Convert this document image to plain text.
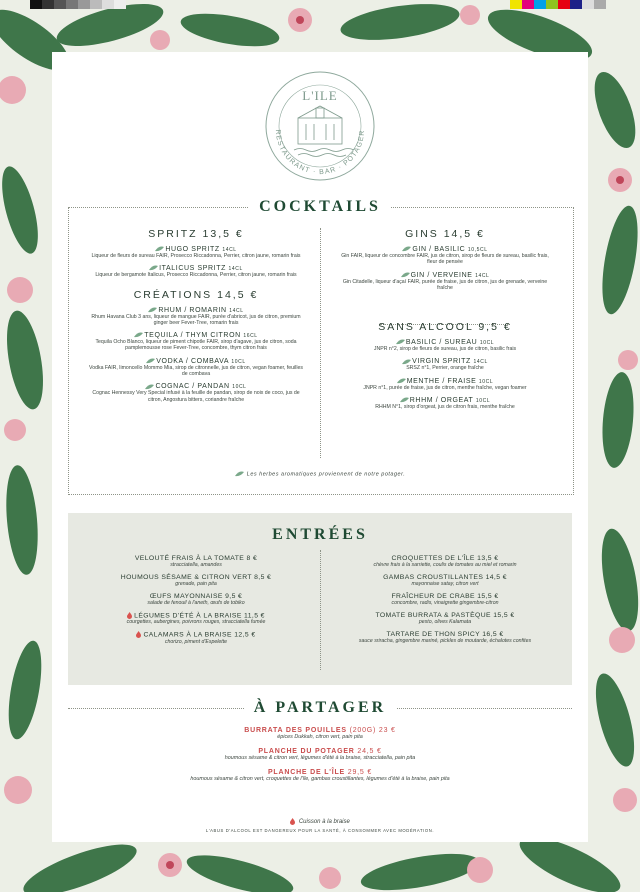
L'ILE
RESTAURANT · BAR · POTAGER
COCKTAILS
SPRITZ 13,5 €
HUGO SPRITZ 14CL
Liqueur de fleurs de sureau FAIR, Prosecco Riccadonna, Perrier, citron jaune, romarin frais
ITALICUS SPRITZ 14CL
Liqueur de bergamote Italicus, Prosecco Riccadonna, Perrier, citron jaune, romarin frais
CRÉATIONS 14,5 €
RHUM / ROMARIN 14CL
Rhum Havana Club 3 ans, liqueur de mangue FAIR, purée d'abricot, jus de citron, premium ginger beer Fever-Tree, romarin frais
TEQUILA / THYM CITRON 16CL
Tequila Ocho Blanco, liqueur de piment chipotle FAIR, sirop d'agave, jus de citron, soda pamplemousse rose Fever-Tree, concombre, thym citron frais
VODKA / COMBAVA 10CL
Vodka FAIR, limoncello Mommo Mia, sirop de citronnelle, jus de citron, vegan foamer, feuilles de combava
COGNAC / PANDAN 10CL
Cognac Hennessy Very Special infusé à la feuille de pandan, sirop de noix de coco, jus de citron, Angostura bitters, coriandre fraîche
GINS 14,5 €
GIN / BASILIC 10,5CL
Gin FAIR, liqueur de concombre FAIR, jus de citron, sirop de fleurs de sureau, basilic frais, fleur de pensée
GIN / VERVEINE 14CL
Gin Citadelle, liqueur d'açaí FAIR, purée de fraise, jus de citron, jus de grenade, verveine fraîche
SANS ALCOOL 9,5 €
BASILIC / SUREAU 10CL
JNPR n°2, sirop de fleurs de sureau, jus de citron, basilic frais
VIRGIN SPRITZ 14CL
SRSZ n°1, Perrier, orange fraîche
MENTHE / FRAISE 10CL
JNPR n°1, purée de fraise, jus de citron, menthe fraîche, vegan foamer
RHHM / ORGEAT 10CL
RHHM N°1, sirop d'orgeat, jus de citron frais, menthe fraîche
Les herbes aromatiques proviennent de notre potager.
ENTRÉES
VELOUTÉ FRAIS À LA TOMATE 8 €
stracciatella, amandes
HOUMOUS SÉSAME & CITRON VERT 8,5 €
grenade, pain pita
ŒUFS MAYONNAISE 9,5 €
salade de fenouil à l'aneth, œufs de tobiko
LÉGUMES D'ÉTÉ À LA BRAISE 11,5 €
courgettes, aubergines, poivrons rouges, stracciatella fumée
CALAMARS À LA BRAISE 12,5 €
chorizo, piment d'Espelette
CROQUETTES DE L'ÎLE 13,5 €
chèvre frais à la sarriette, coulis de tomates au miel et romarin
GAMBAS CROUSTILLANTES 14,5 €
mayonnaise satay, citron vert
FRAÎCHEUR DE CRABE 15,5 €
concombre, radis, vinaigrette gingembre-citron
TOMATE BURRATA & PASTÈQUE 15,5 €
pesto, olives Kalamata
TARTARE DE THON SPICY 16,5 €
sauce sriracha, gingembre mariné, pickles de moutarde, échalotes confites
À PARTAGER
BURRATA DES POUILLES (200G) 23 €
épices Dukkah, citron vert, pain pita
PLANCHE DU POTAGER 24,5 €
houmous sésame & citron vert, légumes d'été à la braise, stracciatella, pain pita
PLANCHE DE L'ÎLE 29,5 €
houmous sésame & citron vert, croquettes de l'île, gambas croustillantes, légumes d'été à la braise, pain pita
Cuisson à la braise
L'ABUS D'ALCOOL EST DANGEREUX POUR LA SANTÉ, À CONSOMMER AVEC MODÉRATION.
